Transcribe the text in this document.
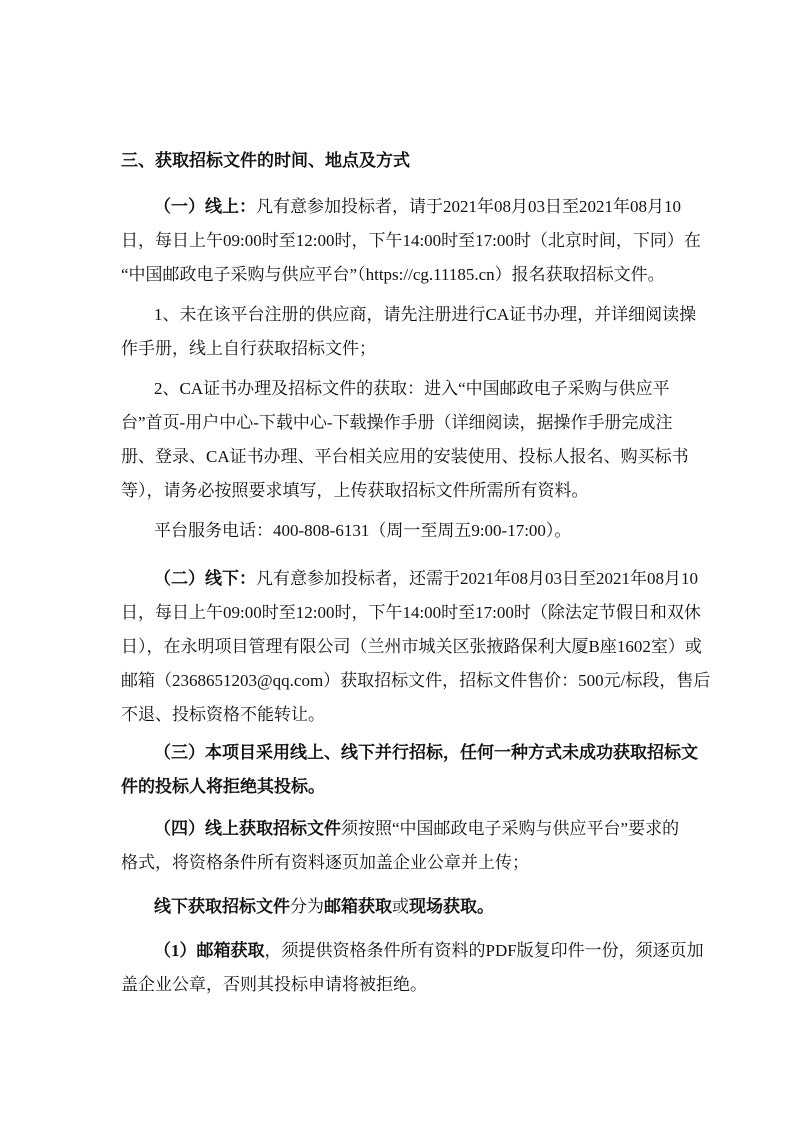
三、获取招标文件的时间、地点及方式
（一）线上：凡有意参加投标者，请于2021年08月03日至2021年08月10
日，每日上午09:00时至12:00时，下午14:00时至17:00时（北京时间，下同）在
“中国邮政电子采购与供应平台”（https://cg.11185.cn）报名获取招标文件。
1、未在该平台注册的供应商，请先注册进行CA证书办理，并详细阅读操
作手册，线上自行获取招标文件；
2、CA证书办理及招标文件的获取：进入“中国邮政电子采购与供应平
台”首页-用户中心-下载中心-下载操作手册（详细阅读，据操作手册完成注
册、登录、CA证书办理、平台相关应用的安装使用、投标人报名、购买标书
等），请务必按照要求填写，上传获取招标文件所需所有资料。
平台服务电话：400-808-6131（周一至周五9:00-17:00）。
（二）线下：凡有意参加投标者，还需于2021年08月03日至2021年08月10
日，每日上午09:00时至12:00时，下午14:00时至17:00时（除法定节假日和双休
日），在永明项目管理有限公司（兰州市城关区张掖路保利大厦B座1602室）或
邮箱（2368651203@qq.com）获取招标文件，招标文件售价：500元/标段，售后
不退、投标资格不能转让。
（三）本项目采用线上、线下并行招标，任何一种方式未成功获取招标文
件的投标人将拒绝其投标。
（四）线上获取招标文件须按照“中国邮政电子采购与供应平台”要求的
格式，将资格条件所有资料逐页加盖企业公章并上传；
线下获取招标文件分为邮箱获取或现场获取。
（1）邮箱获取，须提供资格条件所有资料的PDF版复印件一份，须逐页加
盖企业公章，否则其投标申请将被拒绝。
